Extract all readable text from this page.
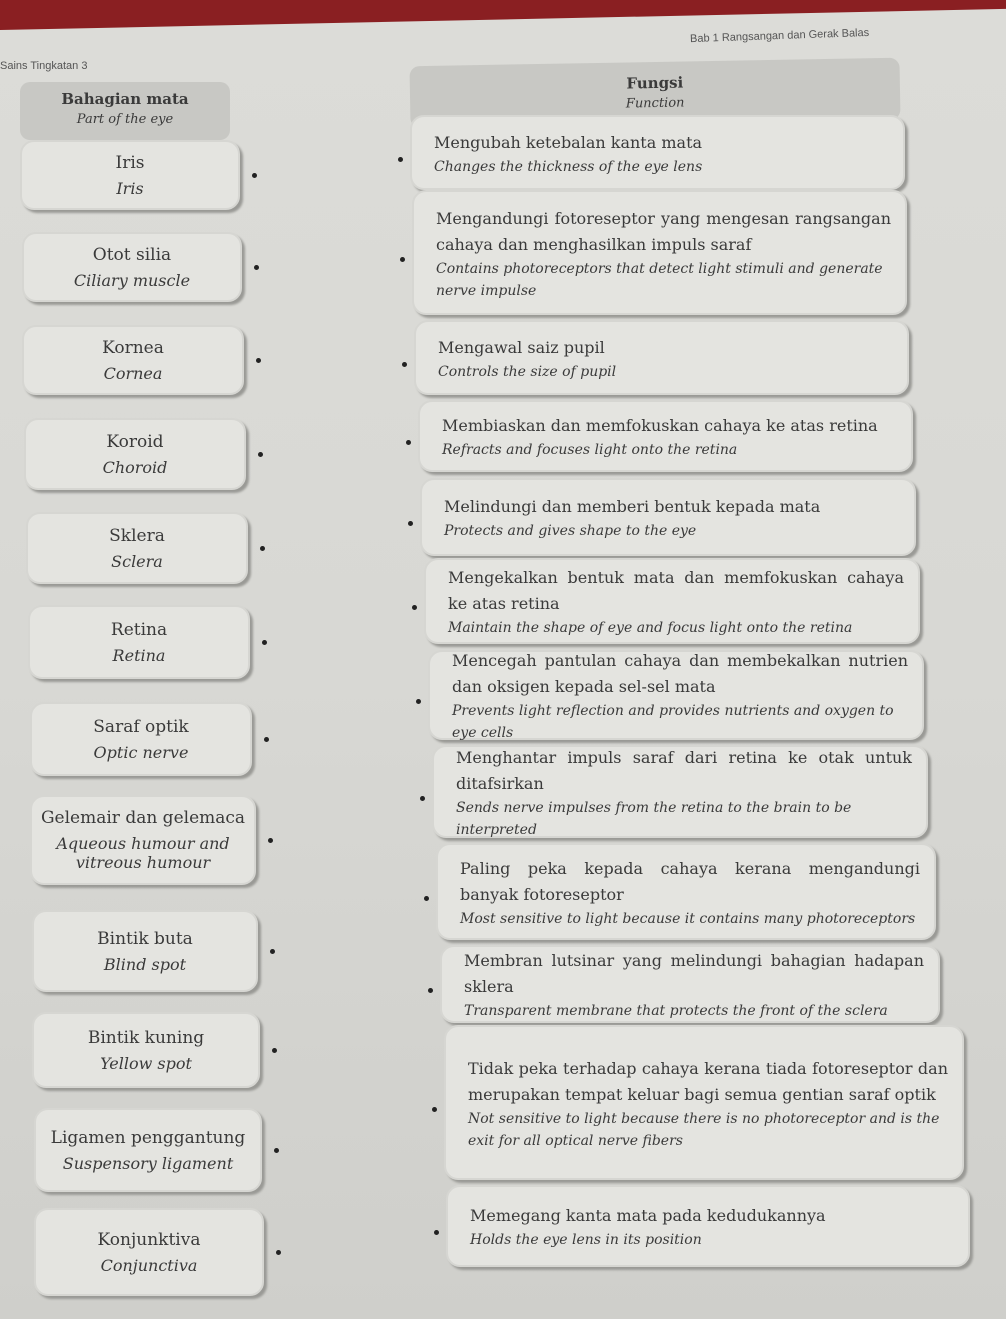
Sains Tingkatan 3
Bab 1 Rangsangan dan Gerak Balas
Bahagian mata
Part of the eye
Fungsi
Function
Iris
Iris
Otot silia
Ciliary muscle
Kornea
Cornea
Koroid
Choroid
Sklera
Sclera
Retina
Retina
Saraf optik
Optic nerve
Gelemair dan gelemaca
Aqueous humour and vitreous humour
Bintik buta
Blind spot
Bintik kuning
Yellow spot
Ligamen penggantung
Suspensory ligament
Konjunktiva
Conjunctiva
Mengubah ketebalan kanta mata
Changes the thickness of the eye lens
Mengandungi fotoreseptor yang mengesan rangsangan cahaya dan menghasilkan impuls saraf
Contains photoreceptors that detect light stimuli and generate nerve impulse
Mengawal saiz pupil
Controls the size of pupil
Membiaskan dan memfokuskan cahaya ke atas retina
Refracts and focuses light onto the retina
Melindungi dan memberi bentuk kepada mata
Protects and gives shape to the eye
Mengekalkan bentuk mata dan memfokuskan cahaya ke atas retina
Maintain the shape of eye and focus light onto the retina
Mencegah pantulan cahaya dan membekalkan nutrien dan oksigen kepada sel-sel mata
Prevents light reflection and provides nutrients and oxygen to eye cells
Menghantar impuls saraf dari retina ke otak untuk ditafsirkan
Sends nerve impulses from the retina to the brain to be interpreted
Paling peka kepada cahaya kerana mengandungi banyak fotoreseptor
Most sensitive to light because it contains many photoreceptors
Membran lutsinar yang melindungi bahagian hadapan sklera
Transparent membrane that protects the front of the sclera
Tidak peka terhadap cahaya kerana tiada fotoreseptor dan merupakan tempat keluar bagi semua gentian saraf optik
Not sensitive to light because there is no photoreceptor and is the exit for all optical nerve fibers
Memegang kanta mata pada kedudukannya
Holds the eye lens in its position
